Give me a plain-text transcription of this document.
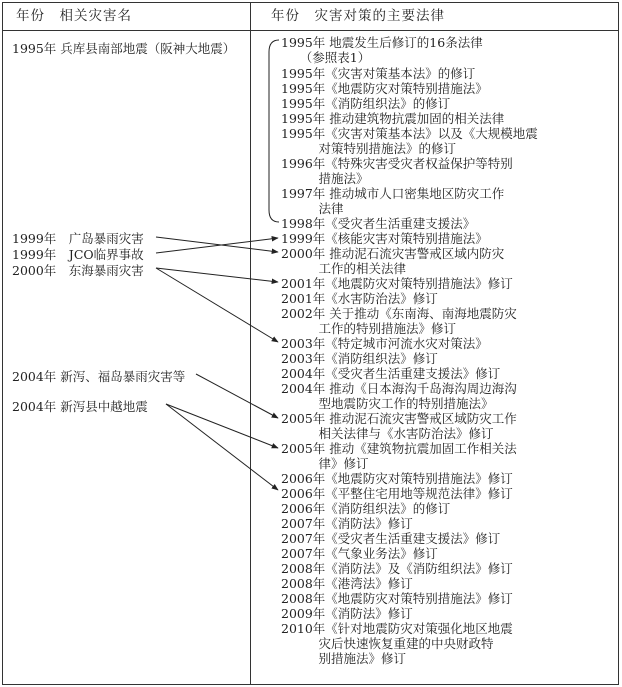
年份　相关灾害名	年份　灾害对策的主要法律
1995年 兵库县南部地震（阪神大地震）
1999年　广岛暴雨灾害
1999年　JCO临界事故
2000年　东海暴雨灾害
2004年 新泻、福岛暴雨灾害等
2004年 新泻县中越地震
1995年 地震发生后修订的16条法律
　　（参照表1）
1995年《灾害对策基本法》的修订
1995年《地震防灾对策特别措施法》
1995年《消防组织法》的修订
1995年 推动建筑物抗震加固的相关法律
1995年《灾害对策基本法》以及《大规模地震
　　　对策特别措施法》的修订
1996年《特殊灾害受灾者权益保护等特别
　　　措施法》
1997年 推动城市人口密集地区防灾工作
　　　法律
1998年《受灾者生活重建支援法》
1999年《核能灾害对策特别措施法》
2000年 推动泥石流灾害警戒区域内防灾
　　　工作的相关法律
2001年《地震防灾对策特别措施法》修订
2001年《水害防治法》修订
2002年 关于推动《东南海、南海地震防灾
　　　工作的特别措施法》修订
2003年《特定城市河流水灾对策法》
2003年《消防组织法》修订
2004年《受灾者生活重建支援法》修订
2004年 推动《日本海沟千岛海沟周边海沟
　　　型地震防灾工作的特别措施法》
2005年 推动泥石流灾害警戒区域防灾工作
　　　相关法律与《水害防治法》修订
2005年 推动《建筑物抗震加固工作相关法
　　　律》修订
2006年《地震防灾对策特别措施法》修订
2006年《平整住宅用地等规范法律》修订
2006年《消防组织法》的修订
2007年《消防法》修订
2007年《受灾者生活重建支援法》修订
2007年《气象业务法》修订
2008年《消防法》及《消防组织法》修订
2008年《港湾法》修订
2008年《地震防灾对策特别措施法》修订
2009年《消防法》修订
2010年《针对地震防灾对策强化地区地震
　　　灾后快速恢复重建的中央财政特
　　　别措施法》修订
